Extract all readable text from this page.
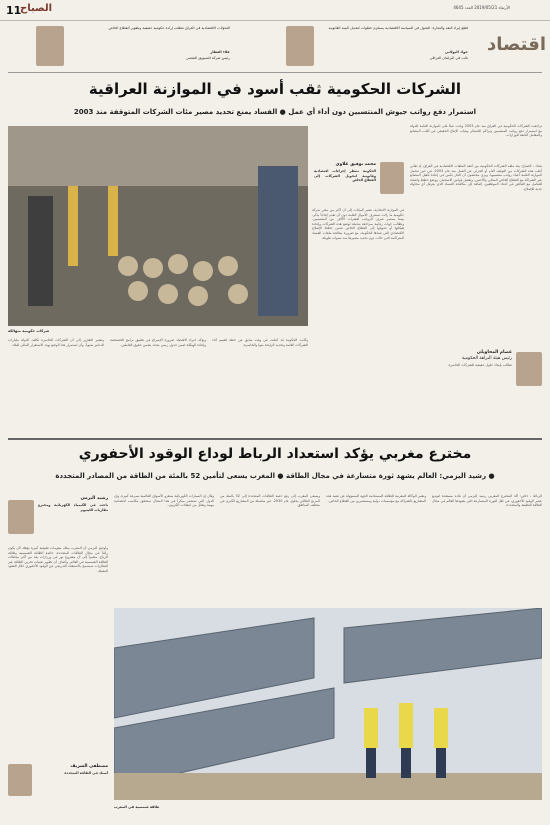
11
الصباح	الأربعاء 2019/05/21 العدد 4645
التحولات الاقتصادية في العراق تتطلب إرادة حكومية حقيقية وتطوير القطاع الخاص
علاء العطار
رئيس شركة للتسويق الشعبي
قطع إيراد النقد والتجارة: التحول في السياسة الاقتصادية يستلزم خطوات لتعديل البنية القانونية
جواد البولاني
نائب في البرلمان العراقي
اقتصاد
الشركات الحكومية ثقب أسود في الموازنة العراقية
استمرار دفع رواتب جيوش المنتسبين دون أداء أي عمل ● الفساد يمنع تحديد مصير مئات الشركات المتوقفة منذ 2003
تراجعت الشركات الحكومية في العراق منذ عام 2003 وباتت عبئاً على الموازنة العامة للدولة مع استمرار دفع رواتب المنتسبين وتراكم الخسائر وغياب الإنتاج الحقيقي في أغلب المصانع والمعامل التابعة للوزارات.
شركات حكومية متهالكة
محمد توفيق علاوي
الحكومة تنتظر إجراءات اقتصادية وقانونية لتحويل الشركات إلى القطاع الخاص
في الموازنة الاتحادية، تشير البيانات إلى أن أكثر من مئتي شركة حكومية ما زالت تستنزف الأموال العامة دون أن تقدم إنتاجاً يذكر، بينما يستمر صرف الرواتب لعشرات الآلاف من المنتسبين. وتطالب جهات رقابية بمراجعة شاملة لوضع هذه الشركات وإعادة هيكلتها أو تحويلها إلى القطاع الخاص ضمن خطط الإصلاح الاقتصادي التي تتبناها الحكومة، مع ضرورة معالجة ملفات الفساد المتراكمة التي حالت دون تحديد مصيرها منذ سنوات طويلة.
بغداد - الصباح: يعد ملف الشركات الحكومية من أعقد الملفات الاقتصادية في العراق، إذ تعاني أغلب هذه الشركات من التوقف التام أو الجزئي عن العمل منذ عام 2003، في حين تتحمل الموازنة العامة أعباء رواتب منتسبيها. ويرى مختصون أن الحل يكمن في إعادة تأهيل المصانع عبر الشراكة مع القطاع الخاص المحلي والأجنبي، وتفعيل قوانين الاستثمار، ووضع خطط واضحة للتعامل مع الفائض في أعداد الموظفين، إضافة إلى مكافحة الفساد الذي يعرقل أي محاولة جدية للإصلاح.
عصام المحاويلي
رئيس هيئة النزاهة الحكومية
نطالب بإيجاد حلول حقيقية للشركات الخاسرة
وتشير التقارير إلى أن الشركات الخاسرة تكلف الدولة مليارات الدنانير سنوياً، وأن استمرار هذا الوضع يهدد الاستقرار المالي للبلاد.
ويؤكد خبراء الاقتصاد ضرورة الإسراع في تطبيق برامج الخصخصة وإعادة الهيكلة ضمن جدول زمني محدد يضمن حقوق العاملين.
وكانت الحكومة قد أعلنت في وقت سابق عن خطة لتقييم أداء الشركات العامة وتحديد الرابحة منها والخاسرة.
مخترع مغربي يؤكد استعداد الرباط لوداع الوقود الأحفوري
● رشيد اليزمي: العالم يشهد ثورة متسارعة في مجال الطاقة ● المغرب يسعى لتأمين 52 بالمئة من الطاقة من المصادر المتجددة
رشيد اليزمي
باحث في الكيمياء الكهربائية ومخترع بطاريات الليثيوم
وأوضح اليزمي أن المغرب يملك مقومات طبيعية كبيرة تؤهله لأن يكون رائداً في مجال الطاقات المتجددة، خاصة الطاقة الشمسية وطاقة الرياح، مشيراً إلى أن مشروع نور في ورزازات يعد من أكبر محطات الطاقة الشمسية في العالم. وأضاف أن تطوير تقنيات تخزين الطاقة عبر البطاريات سيسمح بالاستغناء التدريجي عن الوقود الأحفوري خلال العقود المقبلة.
وقال إن السيارات الكهربائية ستغزو الأسواق العالمية بسرعة كبيرة، وإن الدول التي تستثمر مبكراً في هذا المجال ستحقق مكاسب اقتصادية مهمة وتقلل من انبعاثات الكربون.
ويسعى المغرب إلى رفع حصة الطاقات المتجددة إلى 52 بالمئة من المزيج الطاقي بحلول عام 2030، عبر سلسلة من المشاريع الكبرى في مختلف المناطق.
وتعتبر الوكالة المغربية للطاقة المستدامة الجهة المسؤولة عن تنفيذ هذه المشاريع بالشراكة مع مؤسسات دولية ومستثمرين من القطاع الخاص.
الرباط - خاص: أكد المخترع المغربي رشيد اليزمي أن بلاده مستعدة لتوديع عصر الوقود الأحفوري، في ظل الثورة المتسارعة التي يشهدها العالم في مجال الطاقة النظيفة والمتجددة.
مصطفى الشريف
أستاذ في الطاقة المتجددة
طاقة شمسية في المغرب
